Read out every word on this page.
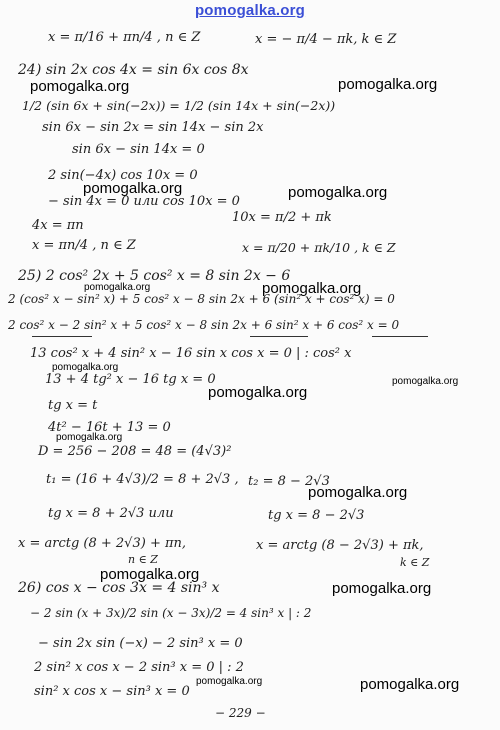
pomogalka.org
x = π/16 + πn/4 , n ∈ Z	x = − π/4 − πk, k ∈ Z
24) sin 2x cos 4x = sin 6x cos 8x
1/2 (sin 6x + sin(−2x)) = 1/2 (sin 14x + sin(−2x))
sin 6x − sin 2x = sin 14x − sin 2x
sin 6x − sin 14x = 0
2 sin(−4x) cos 10x = 0
− sin 4x = 0 или cos 10x = 0
10x = π/2 + πk
4x = πn
x = πn/4 , n ∈ Z	x = π/20 + πk/10 , k ∈ Z
25) 2 cos² 2x + 5 cos² x = 8 sin 2x − 6
2 (cos² x − sin² x) + 5 cos² x − 8 sin 2x + 6 (sin² x + cos² x) = 0
2 cos² x − 2 sin² x + 5 cos² x − 8 sin 2x + 6 sin² x + 6 cos² x = 0
13 cos² x + 4 sin² x − 16 sin x cos x = 0 | : cos² x
13 + 4 tg² x − 16 tg x = 0
tg x = t
4t² − 16t + 13 = 0
D = 256 − 208 = 48 = (4√3)²
t₁ = (16 + 4√3)/2 = 8 + 2√3 , t₂ = 8 − 2√3
tg x = 8 + 2√3 или	tg x = 8 − 2√3
x = arctg (8 + 2√3) + πn,
n ∈ Z
x = arctg (8 − 2√3) + πk,
k ∈ Z
26) cos x − cos 3x = 4 sin³ x
− 2 sin (x + 3x)/2 sin (x − 3x)/2 = 4 sin³ x | : 2
− sin 2x sin (−x) − 2 sin³ x = 0
2 sin² x cos x − 2 sin³ x = 0 | : 2
sin² x cos x − sin³ x = 0
− 229 −
pomogalka.org
pomogalka.org
pomogalka.org	pomogalka.org
pomogalka.org	pomogalka.org
pomogalka.org
pomogalka.org
pomogalka.org
pomogalka.org
pomogalka.org
pomogalka.org
pomogalka.org
pomogalka.org	pomogalka.org
